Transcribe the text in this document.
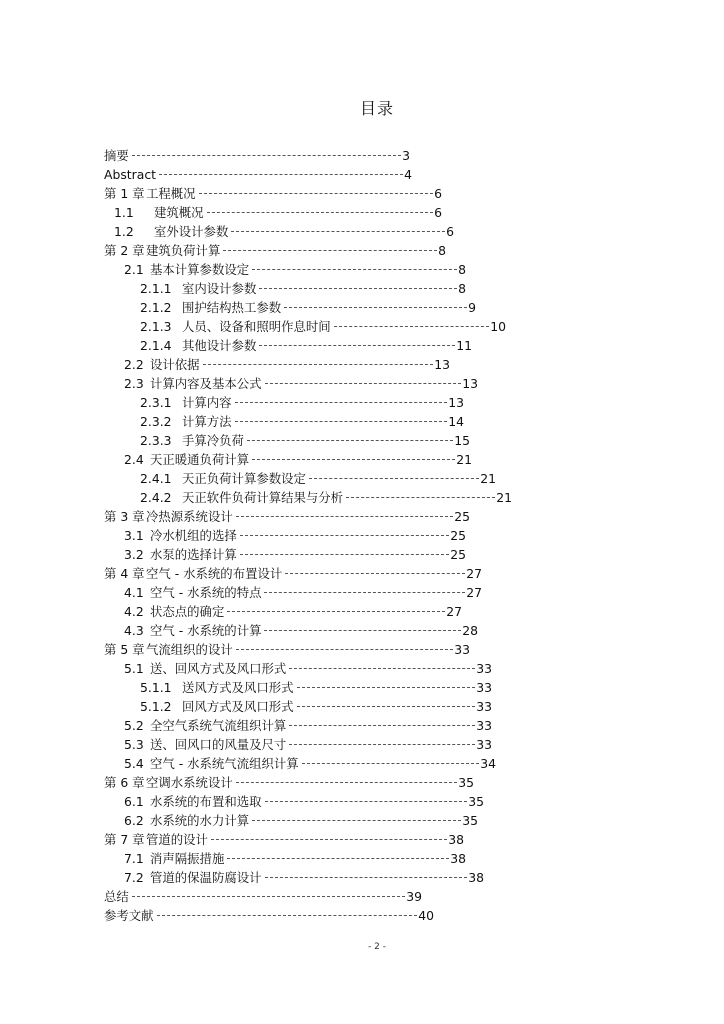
目录
摘要	3
Abstract	4
第 1 章 工程概况	6
1.1	建筑概况	6
1.2	室外设计参数	6
第 2 章 建筑负荷计算	8
2.1 基本计算参数设定	8
2.1.1 室内设计参数	8
2.1.2 围护结构热工参数	9
2.1.3 人员、设备和照明作息时间	10
2.1.4 其他设计参数	11
2.2 设计依据	13
2.3 计算内容及基本公式	13
2.3.1 计算内容	13
2.3.2 计算方法	14
2.3.3 手算冷负荷	15
2.4 天正暖通负荷计算	21
2.4.1 天正负荷计算参数设定	21
2.4.2 天正软件负荷计算结果与分析	21
第 3 章 冷热源系统设计	25
3.1 冷水机组的选择	25
3.2 水泵的选择计算	25
第 4 章 空气 - 水系统的布置设计	27
4.1 空气 - 水系统的特点	27
4.2 状态点的确定	27
4.3 空气 - 水系统的计算	28
第 5 章 气流组织的设计	33
5.1 送、回风方式及风口形式	33
5.1.1 送风方式及风口形式	33
5.1.2 回风方式及风口形式	33
5.2 全空气系统气流组织计算	33
5.3 送、回风口的风量及尺寸	33
5.4 空气 - 水系统气流组织计算	34
第 6 章 空调水系统设计	35
6.1 水系统的布置和选取	35
6.2 水系统的水力计算	35
第 7 章 管道的设计	38
7.1 消声隔振措施	38
7.2 管道的保温防腐设计	38
总结	39
参考文献	40
- 2 -
